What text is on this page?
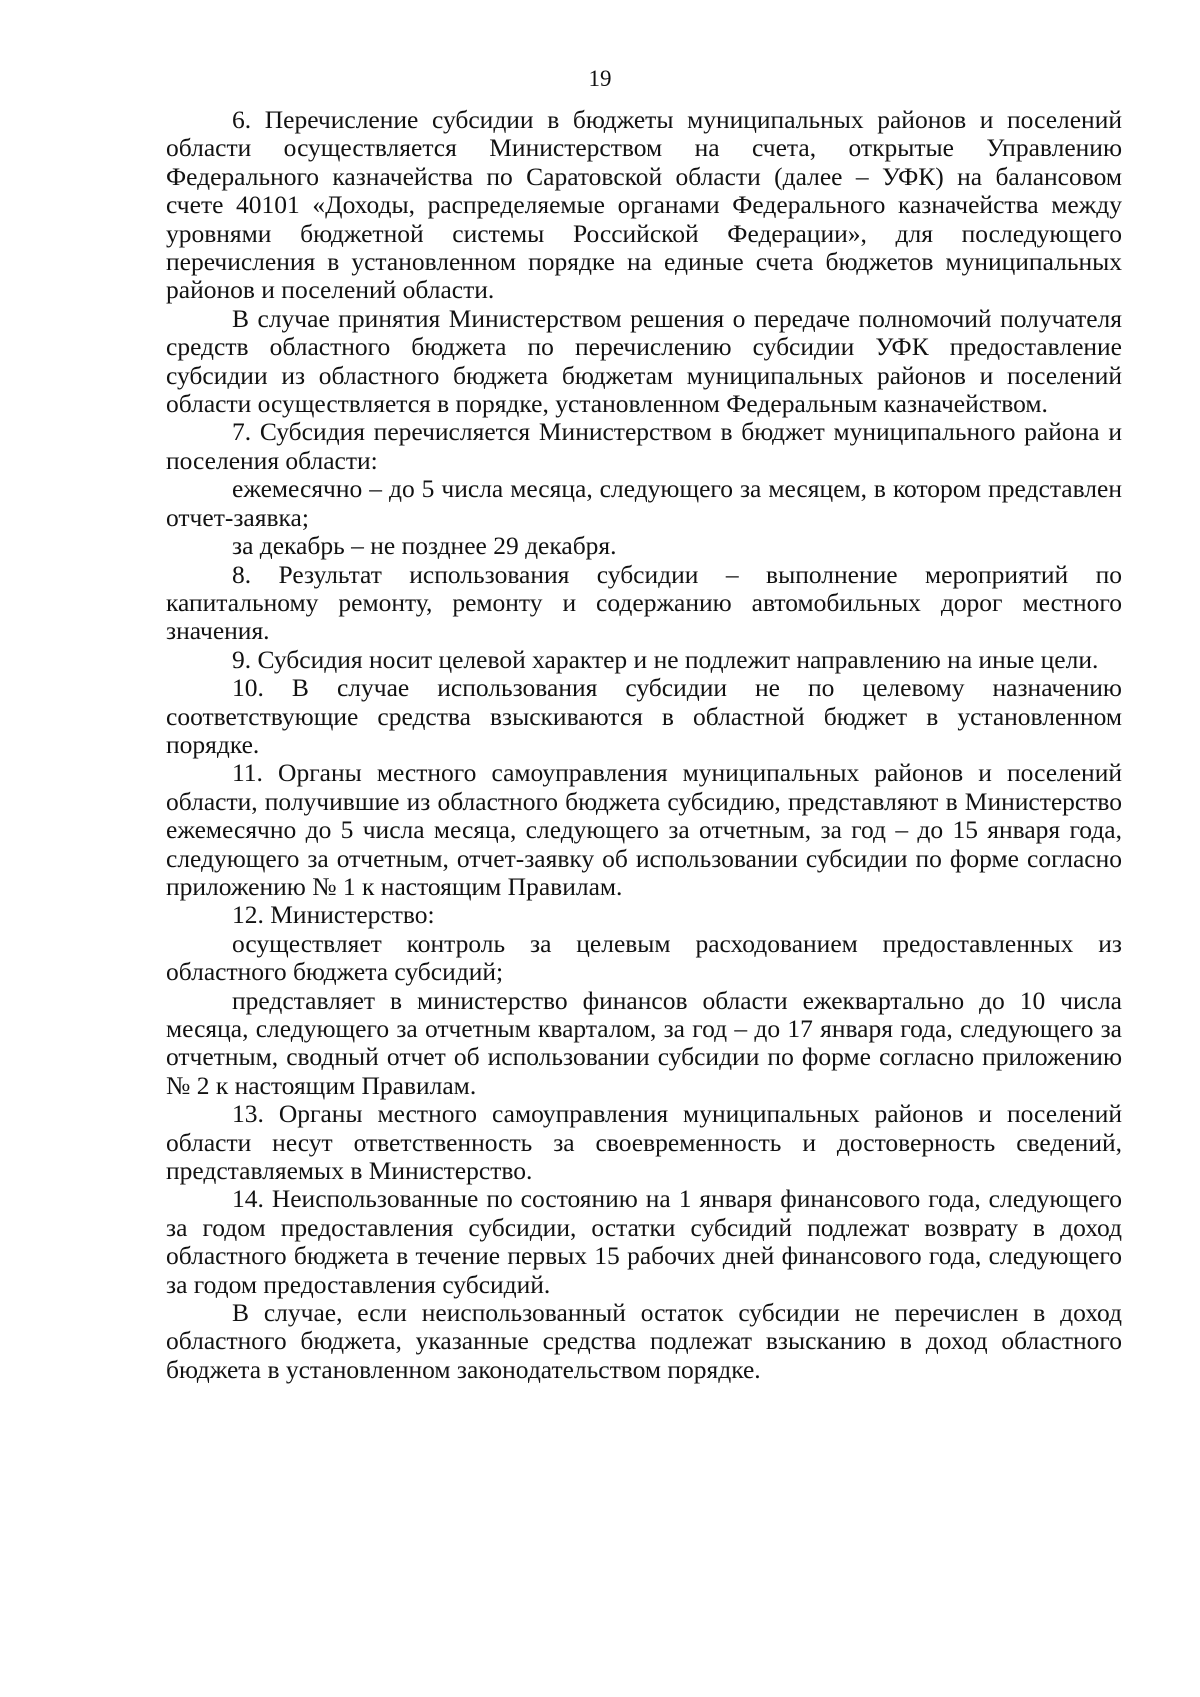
19

6. Перечисление субсидии в бюджеты муниципальных районов и поселений области осуществляется Министерством на счета, открытые Управлению Федерального казначейства по Саратовской области (далее – УФК) на балансовом счете 40101 «Доходы, распределяемые органами Федерального казначейства между уровнями бюджетной системы Российской Федерации», для последующего перечисления в установленном порядке на единые счета бюджетов муниципальных районов и поселений области.

В случае принятия Министерством решения о передаче полномочий получателя средств областного бюджета по перечислению субсидии УФК предоставление субсидии из областного бюджета бюджетам муниципальных районов и поселений области осуществляется в порядке, установленном Федеральным казначейством.

7. Субсидия перечисляется Министерством в бюджет муниципального района и поселения области:

ежемесячно – до 5 числа месяца, следующего за месяцем, в котором представлен отчет-заявка;

за декабрь – не позднее 29 декабря.

8. Результат использования субсидии – выполнение мероприятий по капитальному ремонту, ремонту и содержанию автомобильных дорог местного значения.

9. Субсидия носит целевой характер и не подлежит направлению на иные цели.

10. В случае использования субсидии не по целевому назначению соответствующие средства взыскиваются в областной бюджет в установленном порядке.

11. Органы местного самоуправления муниципальных районов и поселений области, получившие из областного бюджета субсидию, представляют в Министерство ежемесячно до 5 числа месяца, следующего за отчетным, за год – до 15 января года, следующего за отчетным, отчет-заявку об использовании субсидии по форме согласно приложению № 1 к настоящим Правилам.

12. Министерство:

осуществляет контроль за целевым расходованием предоставленных из областного бюджета субсидий;

представляет в министерство финансов области ежеквартально до 10 числа месяца, следующего за отчетным кварталом, за год – до 17 января года, следующего за отчетным, сводный отчет об использовании субсидии по форме согласно приложению № 2 к настоящим Правилам.

13. Органы местного самоуправления муниципальных районов и поселений области несут ответственность за своевременность и достоверность сведений, представляемых в Министерство.

14. Неиспользованные по состоянию на 1 января финансового года, следующего за годом предоставления субсидии, остатки субсидий подлежат возврату в доход областного бюджета в течение первых 15 рабочих дней финансового года, следующего за годом предоставления субсидий.

В случае, если неиспользованный остаток субсидии не перечислен в доход областного бюджета, указанные средства подлежат взысканию в доход областного бюджета в установленном законодательством порядке.
